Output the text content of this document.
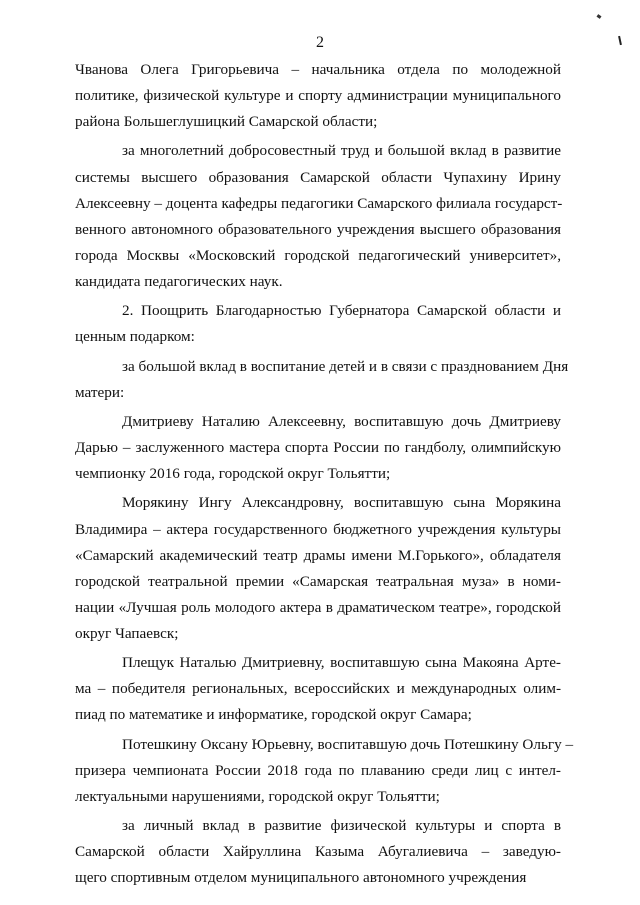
2
Чванова Олега Григорьевича – начальника отдела по молодежной
политике, физической культуре и спорту администрации муниципального
района Большеглушицкий Самарской области;
за многолетний добросовестный труд и большой вклад в развитие
системы высшего образования Самарской области Чупахину Ирину
Алексеевну – доцента кафедры педагогики Самарского филиала государст-
венного автономного образовательного учреждения высшего образования
города Москвы «Московский городской педагогический университет»,
кандидата педагогических наук.
2. Поощрить Благодарностью Губернатора Самарской области и
ценным подарком:
за большой вклад в воспитание детей и в связи с празднованием Дня
матери:
Дмитриеву Наталию Алексеевну, воспитавшую дочь Дмитриеву
Дарью – заслуженного мастера спорта России по гандболу, олимпийскую
чемпионку 2016 года, городской округ Тольятти;
Морякину Ингу Александровну, воспитавшую сына Морякина
Владимира – актера государственного бюджетного учреждения культуры
«Самарский академический театр драмы имени М.Горького», обладателя
городской театральной премии «Самарская театральная муза» в номи-
нации «Лучшая роль молодого актера в драматическом театре», городской
округ Чапаевск;
Плещук Наталью Дмитриевну, воспитавшую сына Макояна Арте-
ма – победителя региональных, всероссийских и международных олим-
пиад по математике и информатике, городской округ Самара;
Потешкину Оксану Юрьевну, воспитавшую дочь Потешкину Ольгу –
призера чемпионата России 2018 года по плаванию среди лиц с интел-
лектуальными нарушениями, городской округ Тольятти;
за личный вклад в развитие физической культуры и спорта в
Самарской области Хайруллина Казыма Абугалиевича – заведую-
щего спортивным отделом муниципального автономного учреждения
